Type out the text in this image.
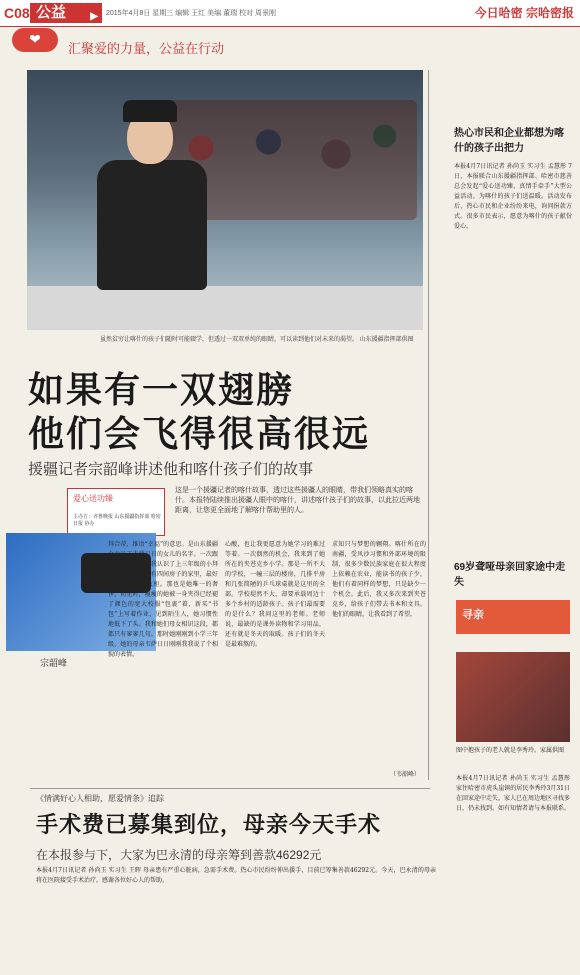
C08 公益 ▶ 2015年4月8日 星期三 编辑 王红 美编 董瑞 校对 周景刚	今日哈密 宗哈密报
❤
汇聚爱的力量，公益在行动
虽然贫穷让喀什的孩子们随时可能辍学，但透过一双双单纯的眼睛，可以读到他们对未来的渴望。 山东援疆指挥部供图
如果有一双翅膀
他们会飞得很高很远
援疆记者宗韶峰讲述他和喀什孩子们的故事
爱心送功臻
主办方：齐鲁晚报 山东援疆指挥部 哈密日报 协办
这是一个援疆记者的喀什故事，透过这些援疆人的眼睛，带我们领略真实的喀什。本报特陆续推出援疆人眼中的喀什，讲述喀什孩子们的故事，以此拉近两地距离，让您更全面地了解喀什帮助里的人。
宗韶峰
拜合蒂，维语“幸福”的意思。是山东援疆企业员工韦萨日日的女儿的名字。一次跟韩公益的动中，我认识了上三年级的小拜合蒂，左那个只有四间房子的家里，最好的家具是一个衣柜。那也是她唯一的奢侈，初见时，瘦瘦的她被一身夹得已经褪了颜色的宽大校服“包裹”着，新买“书包”上写着作业，见到陌生人，她习惯性地低下了头。我和她们母女相识这段，都都只有寥寥几句。那时她刚刚到小学三年级，她的母亲韦萨日日刚刚我我说了个相貌的表情。
心酸，也让我更愿意为她学习的难过等着。一次偶然的机会，我来到了她所在的夹苍克乡小学。那是一所不大的学校，一幢三层的楼房，几排平房和几张简陋的乒乓球桌就是这里的全部。学校堤然不大，却要承载周边十多个乡村的适龄孩子。孩子们最需要的是什么？我问这里的老师。老师说，最缺的是课外读物和学习用品，还有就是冬天的取暖。孩子们的冬天是最难熬的。
求知只与梦想的翱翔。喀什所在的南疆，受风沙习惯和外部环境的限制，很多少数民族家庭在很大程度上依赖在农业，能读书的孩子少，他们有着同样的梦想，只是缺少一个机会。此后，我又多次来到夹苍克乡，给孩子们带去书本和文具。他们的眼睛，让我看到了希望。
（韦韶峰）
热心市民和企业都想为喀什的孩子出把力
本报4月7日讯记者 孙尚玉 实习生 孟慧彤 7日，本报联合山东援疆指挥部、哈密市慈善总会发起“爱心送功臻，真情手牵手”大型公益活动。为喀什的孩子们送温暖。活动发布后，热心市民和企业纷纷来电，询问捐款方式。很多市民表示，愿意为喀什的孩子献份爱心。
69岁聋哑母亲回家途中走失
寻亲
图中抱孩子的老人就是李秀玲。家属供图
本报4月7日讯记者 孙尚玉 实习生 孟慧彤 家住哈密市虎头崖镇的居民李秀玲3月31日在回家途中走失，家人已在周边地区寻找多日，仍未找到。如有知情者请与本报联系。
《情满好心人相助，愿爱情条》追踪
手术费已募集到位，母亲今天手术
在本报参与下，大家为巴永清的母亲筹到善款46292元
本报4月7日讯记者 孙尚玉 实习生 王晖 母亲患有严重心脏病，急需手术费。热心市民纷纷伸出援手，目前已筹集善款46292元。今天，巴永清的母亲将在医院接受手术治疗。感谢各位好心人的帮助。
